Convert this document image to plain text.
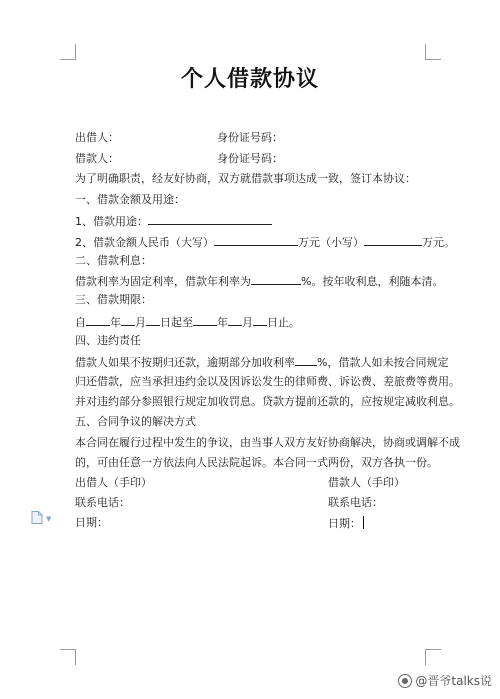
个人借款协议
出借人：	身份证号码：
借款人：	身份证号码：
为了明确职责，经友好协商，双方就借款事项达成一致，签订本协议：
一、借款金额及用途：
1、借款用途：
2、借款金额人民币（大写）	万元（小写）	万元。
二、借款利息：
借款利率为固定利率，借款年利率为	%。按年收利息，利随本清。
三、借款期限：
自 年 月 日起至 年 月 日止。
四、违约责任
借款人如果不按期归还款，逾期部分加收利率 %，借款人如未按合同规定
归还借款，应当承担违约金以及因诉讼发生的律师费、诉讼费、差旅费等费用。
并对违约部分参照银行规定加收罚息。贷款方提前还款的，应按规定减收利息。
五、合同争议的解决方式
本合同在履行过程中发生的争议，由当事人双方友好协商解决，协商或调解不成
的，可由任意一方依法向人民法院起诉。本合同一式两份，双方各执一份。
出借人（手印）	借款人（手印）
联系电话：	联系电话：
日期：	日期：
▼
@晋爷talks说
